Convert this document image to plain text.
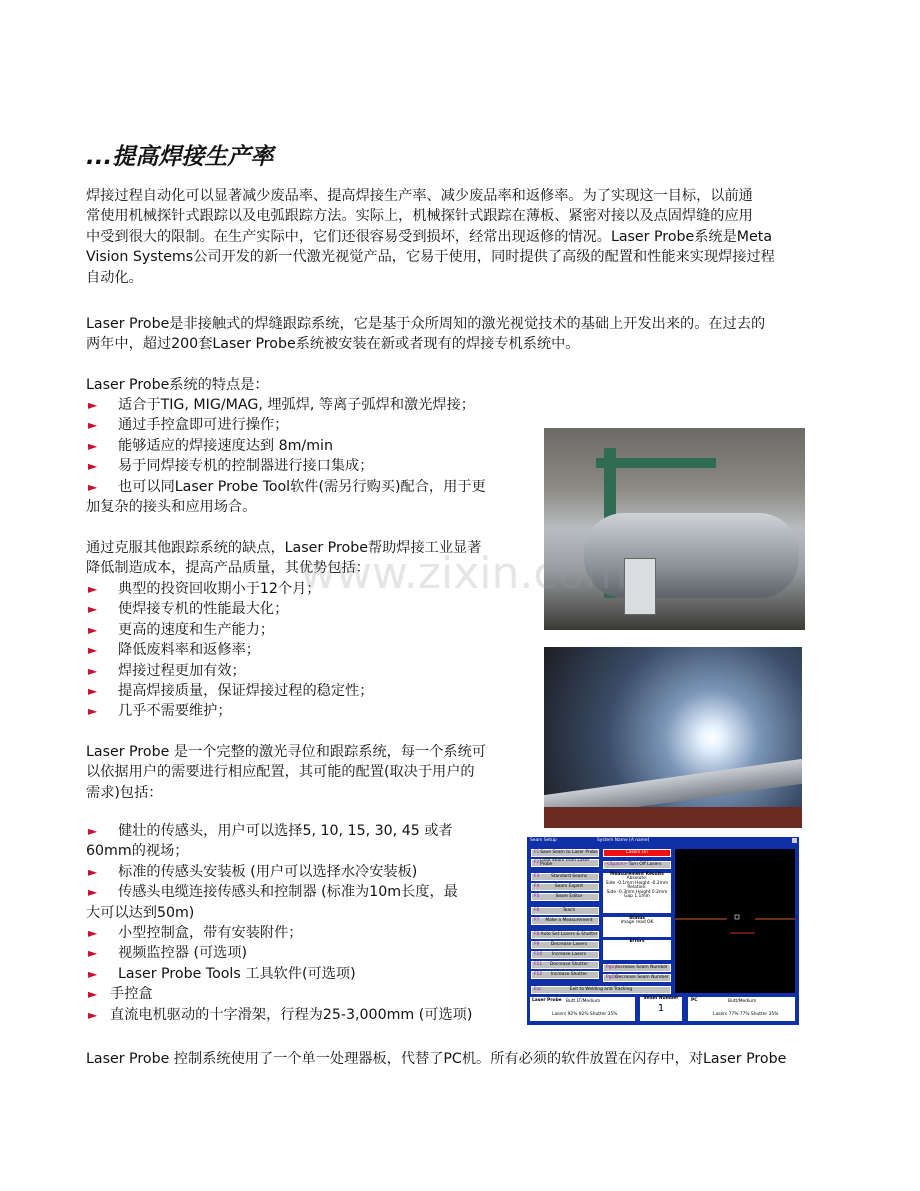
...提高焊接生产率
焊接过程自动化可以显著减少废品率、提高焊接生产率、减少废品率和返修率。为了实现这一目标，以前通
常使用机械探针式跟踪以及电弧跟踪方法。实际上，机械探针式跟踪在薄板、紧密对接以及点固焊缝的应用
中受到很大的限制。在生产实际中，它们还很容易受到损坏，经常出现返修的情况。Laser Probe系统是Meta
Vision Systems公司开发的新一代激光视觉产品，它易于使用，同时提供了高级的配置和性能来实现焊接过程
自动化。
Laser Probe是非接触式的焊缝跟踪系统，它是基于众所周知的激光视觉技术的基础上开发出来的。在过去的
两年中，超过200套Laser Probe系统被安装在新或者现有的焊接专机系统中。
Laser Probe系统的特点是：
► 适合于TIG, MIG/MAG, 埋弧焊, 等离子弧焊和激光焊接；
► 通过手控盒即可进行操作；
► 能够适应的焊接速度达到 8m/min
► 易于同焊接专机的控制器进行接口集成；
► 也可以同Laser Probe Tool软件(需另行购买)配合，用于更
加复杂的接头和应用场合。
通过克服其他跟踪系统的缺点，Laser Probe帮助焊接工业显著
降低制造成本，提高产品质量，其优势包括：
► 典型的投资回收期小于12个月；
► 使焊接专机的性能最大化；
► 更高的速度和生产能力；
► 降低废料率和返修率；
► 焊接过程更加有效；
► 提高焊接质量，保证焊接过程的稳定性；
► 几乎不需要维护；
Laser Probe 是一个完整的激光寻位和跟踪系统，每一个系统可
以依据用户的需要进行相应配置，其可能的配置(取决于用户的
需求)包括：
► 健壮的传感头，用户可以选择5, 10, 15, 30, 45 或者
60mm的视场；
► 标准的传感头安装板 (用户可以选择水冷安装板)
► 传感头电缆连接传感头和控制器 (标准为10m长度，最
大可以达到50m)
► 小型控制盒，带有安装附件；
► 视频监控器 (可选项)
► Laser Probe Tools 工具软件(可选项)
► 手控盒
► 直流电机驱动的十字滑架，行程为25-3,000mm (可选项)
Laser Probe 控制系统使用了一个单一处理器板，代替了PC机。所有必须的软件放置在闪存中，对Laser Probe
Seam Setup	System Name [A name]
F1 Save Seam to Laser Probe
F2 Load Seam from Laser Probe
F3	Standard Seams
F4	Seam Expert
F5	Seam Editor
F6	Teach
F7 Make a Measurement
F8 Auto Set Lasers & Shutter
F9	Decrease Lasers
F10 Increase Lasers
F11 Decrease Shutter
F12 Increase Shutter
Lasers On
<Space> Turn Off Lasers
Measurement Results
Absolute:
Side -0.1mm Height -0.2mm
Relative:
Side -0.3mm Height 0.2mm
Gap 1.1mm
Status
Image read OK
Errors
PgUp
Increase Seam Number
PgDn
Decrease Seam Number
Esc	Exit to Welding and Tracking
Laser Probe Butt LT/Medium
Lasers 92% 92% Shutter 35%
Seam Number
1
PC	Butt/Medium
Lasers 77% 77% Shutter 35%
www.zixin.com
